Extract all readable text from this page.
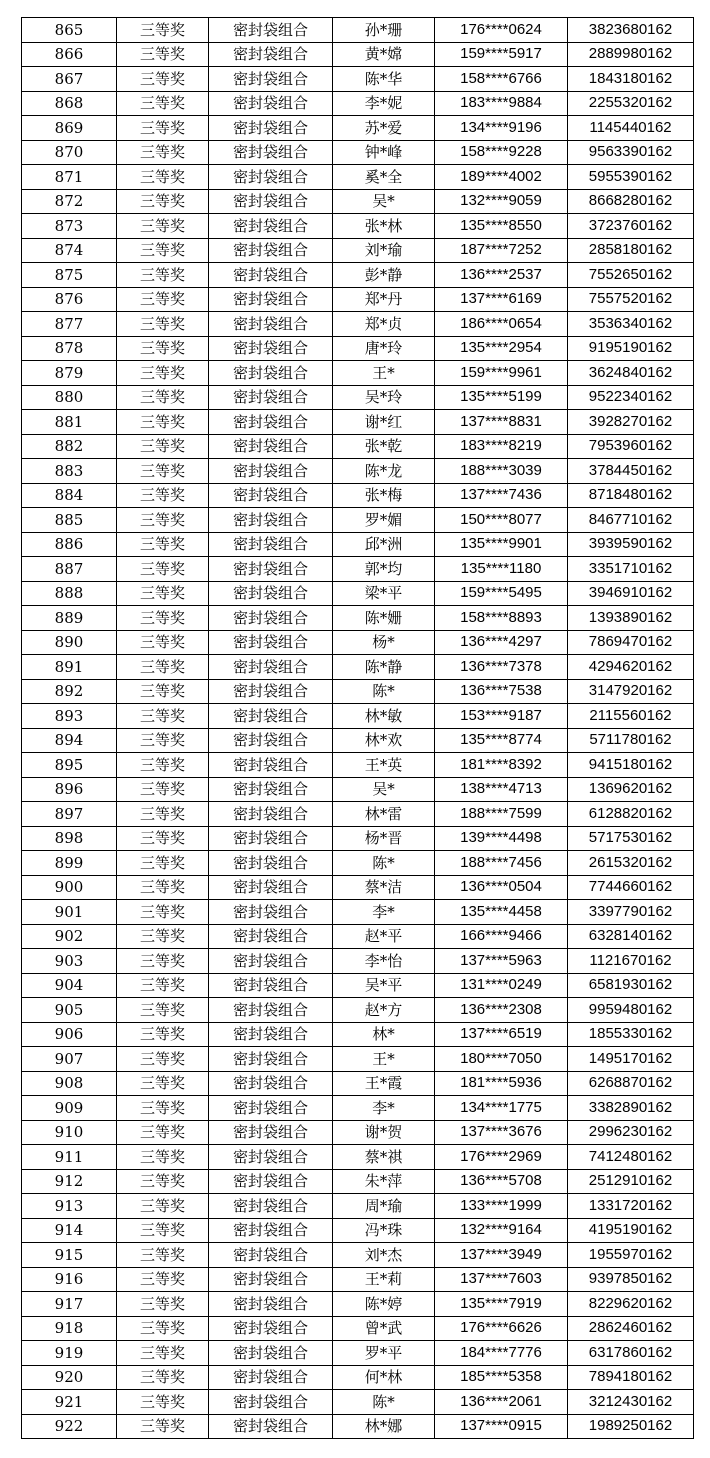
865	三等奖	密封袋组合	孙*珊	176****0624	3823680162
866	三等奖	密封袋组合	黄*嫦	159****5917	2889980162
867	三等奖	密封袋组合	陈*华	158****6766	1843180162
868	三等奖	密封袋组合	李*妮	183****9884	2255320162
869	三等奖	密封袋组合	苏*爱	134****9196	1145440162
870	三等奖	密封袋组合	钟*峰	158****9228	9563390162
871	三等奖	密封袋组合	奚*全	189****4002	5955390162
872	三等奖	密封袋组合	吴*	132****9059	8668280162
873	三等奖	密封袋组合	张*林	135****8550	3723760162
874	三等奖	密封袋组合	刘*瑜	187****7252	2858180162
875	三等奖	密封袋组合	彭*静	136****2537	7552650162
876	三等奖	密封袋组合	郑*丹	137****6169	7557520162
877	三等奖	密封袋组合	郑*贞	186****0654	3536340162
878	三等奖	密封袋组合	唐*玲	135****2954	9195190162
879	三等奖	密封袋组合	王*	159****9961	3624840162
880	三等奖	密封袋组合	吴*玲	135****5199	9522340162
881	三等奖	密封袋组合	谢*红	137****8831	3928270162
882	三等奖	密封袋组合	张*乾	183****8219	7953960162
883	三等奖	密封袋组合	陈*龙	188****3039	3784450162
884	三等奖	密封袋组合	张*梅	137****7436	8718480162
885	三等奖	密封袋组合	罗*媚	150****8077	8467710162
886	三等奖	密封袋组合	邱*洲	135****9901	3939590162
887	三等奖	密封袋组合	郭*均	135****1180	3351710162
888	三等奖	密封袋组合	梁*平	159****5495	3946910162
889	三等奖	密封袋组合	陈*姗	158****8893	1393890162
890	三等奖	密封袋组合	杨*	136****4297	7869470162
891	三等奖	密封袋组合	陈*静	136****7378	4294620162
892	三等奖	密封袋组合	陈*	136****7538	3147920162
893	三等奖	密封袋组合	林*敏	153****9187	2115560162
894	三等奖	密封袋组合	林*欢	135****8774	5711780162
895	三等奖	密封袋组合	王*英	181****8392	9415180162
896	三等奖	密封袋组合	吴*	138****4713	1369620162
897	三等奖	密封袋组合	林*雷	188****7599	6128820162
898	三等奖	密封袋组合	杨*晋	139****4498	5717530162
899	三等奖	密封袋组合	陈*	188****7456	2615320162
900	三等奖	密封袋组合	蔡*洁	136****0504	7744660162
901	三等奖	密封袋组合	李*	135****4458	3397790162
902	三等奖	密封袋组合	赵*平	166****9466	6328140162
903	三等奖	密封袋组合	李*怡	137****5963	1121670162
904	三等奖	密封袋组合	吴*平	131****0249	6581930162
905	三等奖	密封袋组合	赵*方	136****2308	9959480162
906	三等奖	密封袋组合	林*	137****6519	1855330162
907	三等奖	密封袋组合	王*	180****7050	1495170162
908	三等奖	密封袋组合	王*霞	181****5936	6268870162
909	三等奖	密封袋组合	李*	134****1775	3382890162
910	三等奖	密封袋组合	谢*贺	137****3676	2996230162
911	三等奖	密封袋组合	蔡*祺	176****2969	7412480162
912	三等奖	密封袋组合	朱*萍	136****5708	2512910162
913	三等奖	密封袋组合	周*瑜	133****1999	1331720162
914	三等奖	密封袋组合	冯*珠	132****9164	4195190162
915	三等奖	密封袋组合	刘*杰	137****3949	1955970162
916	三等奖	密封袋组合	王*莉	137****7603	9397850162
917	三等奖	密封袋组合	陈*婷	135****7919	8229620162
918	三等奖	密封袋组合	曾*武	176****6626	2862460162
919	三等奖	密封袋组合	罗*平	184****7776	6317860162
920	三等奖	密封袋组合	何*林	185****5358	7894180162
921	三等奖	密封袋组合	陈*	136****2061	3212430162
922	三等奖	密封袋组合	林*娜	137****0915	1989250162
